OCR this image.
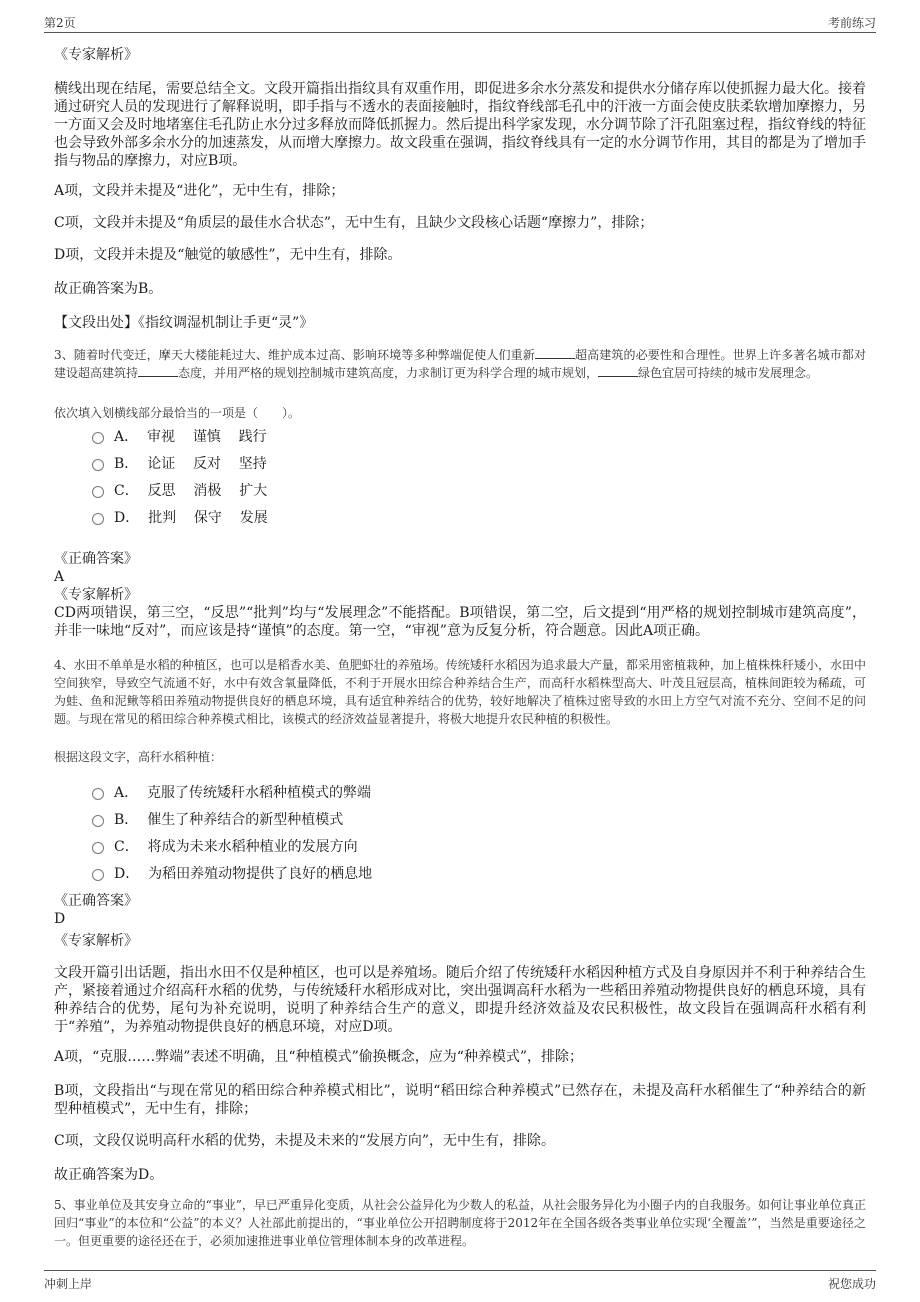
第2页	考前练习

《专家解析》

横线出现在结尾，需要总结全文。文段开篇指出指纹具有双重作用，即促进多余水分蒸发和提供水分储存库以使抓握力最大化。接着通过研究人员的发现进行了解释说明，即手指与不透水的表面接触时，指纹脊线部毛孔中的汗液一方面会使皮肤柔软增加摩擦力，另一方面又会及时地堵塞住毛孔防止水分过多释放而降低抓握力。然后提出科学家发现，水分调节除了汗孔阻塞过程，指纹脊线的特征也会导致外部多余水分的加速蒸发，从而增大摩擦力。故文段重在强调，指纹脊线具有一定的水分调节作用，其目的都是为了增加手指与物品的摩擦力，对应B项。

A项，文段并未提及“进化”，无中生有，排除；

C项，文段并未提及“角质层的最佳水合状态”，无中生有，且缺少文段核心话题“摩擦力”，排除；

D项，文段并未提及“触觉的敏感性”，无中生有，排除。

故正确答案为B。

【文段出处】《指纹调湿机制让手更“灵”》

3、随着时代变迁，摩天大楼能耗过大、维护成本过高、影响环境等多种弊端促使人们重新	超高建筑的必要性和合理性。世界上许多著名城市都对建设超高建筑持	态度，并用严格的规划控制城市建筑高度，力求制订更为科学合理的城市规划，	绿色宜居可持续的城市发展理念。

依次填入划横线部分最恰当的一项是（　　）。

A．  审视    谨慎    践行
B．  论证    反对    坚持
C．  反思    消极    扩大
D．  批判    保守    发展

《正确答案》

A

《专家解析》

CD两项错误，第三空，“反思”“批判”均与“发展理念”不能搭配。B项错误，第二空，后文提到“用严格的规划控制城市建筑高度”，并非一味地“反对”，而应该是持“谨慎”的态度。第一空，“审视”意为反复分析，符合题意。因此A项正确。

4、水田不单单是水稻的种植区，也可以是稻香水美、鱼肥虾壮的养殖场。传统矮秆水稻因为追求最大产量，都采用密植栽种，加上植株株秆矮小，水田中空间狭窄，导致空气流通不好，水中有效含氧量降低，不利于开展水田综合种养结合生产，而高秆水稻株型高大、叶茂且冠层高，植株间距较为稀疏，可为蛙、鱼和泥鳅等稻田养殖动物提供良好的栖息环境，具有适宜种养结合的优势，较好地解决了植株过密导致的水田上方空气对流不充分、空间不足的问题。与现在常见的稻田综合种养模式相比，该模式的经济效益显著提升，将极大地提升农民种植的积极性。

根据这段文字，高秆水稻种植：

A．  克服了传统矮秆水稻种植模式的弊端
B．  催生了种养结合的新型种植模式
C．  将成为未来水稻种植业的发展方向
D．  为稻田养殖动物提供了良好的栖息地

《正确答案》

D

《专家解析》

文段开篇引出话题，指出水田不仅是种植区，也可以是养殖场。随后介绍了传统矮秆水稻因种植方式及自身原因并不利于种养结合生产，紧接着通过介绍高秆水稻的优势，与传统矮秆水稻形成对比，突出强调高秆水稻为一些稻田养殖动物提供良好的栖息环境，具有种养结合的优势，尾句为补充说明，说明了种养结合生产的意义，即提升经济效益及农民积极性，故文段旨在强调高秆水稻有利于“养殖”，为养殖动物提供良好的栖息环境，对应D项。

A项，“克服……弊端”表述不明确，且“种植模式”偷换概念，应为“种养模式”，排除；

B项，文段指出“与现在常见的稻田综合种养模式相比”，说明“稻田综合种养模式”已然存在，未提及高秆水稻催生了“种养结合的新型种植模式”，无中生有，排除；

C项，文段仅说明高秆水稻的优势，未提及未来的“发展方向”，无中生有，排除。

故正确答案为D。

5、事业单位及其安身立命的“事业”，早已严重异化变质，从社会公益异化为少数人的私益，从社会服务异化为小圈子内的自我服务。如何让事业单位真正回归“事业”的本位和“公益”的本义？人社部此前提出的，“事业单位公开招聘制度将于2012年在全国各级各类事业单位实现‘全覆盖’”，当然是重要途径之一。但更重要的途径还在于，必须加速推进事业单位管理体制本身的改革进程。

冲刺上岸	祝您成功
